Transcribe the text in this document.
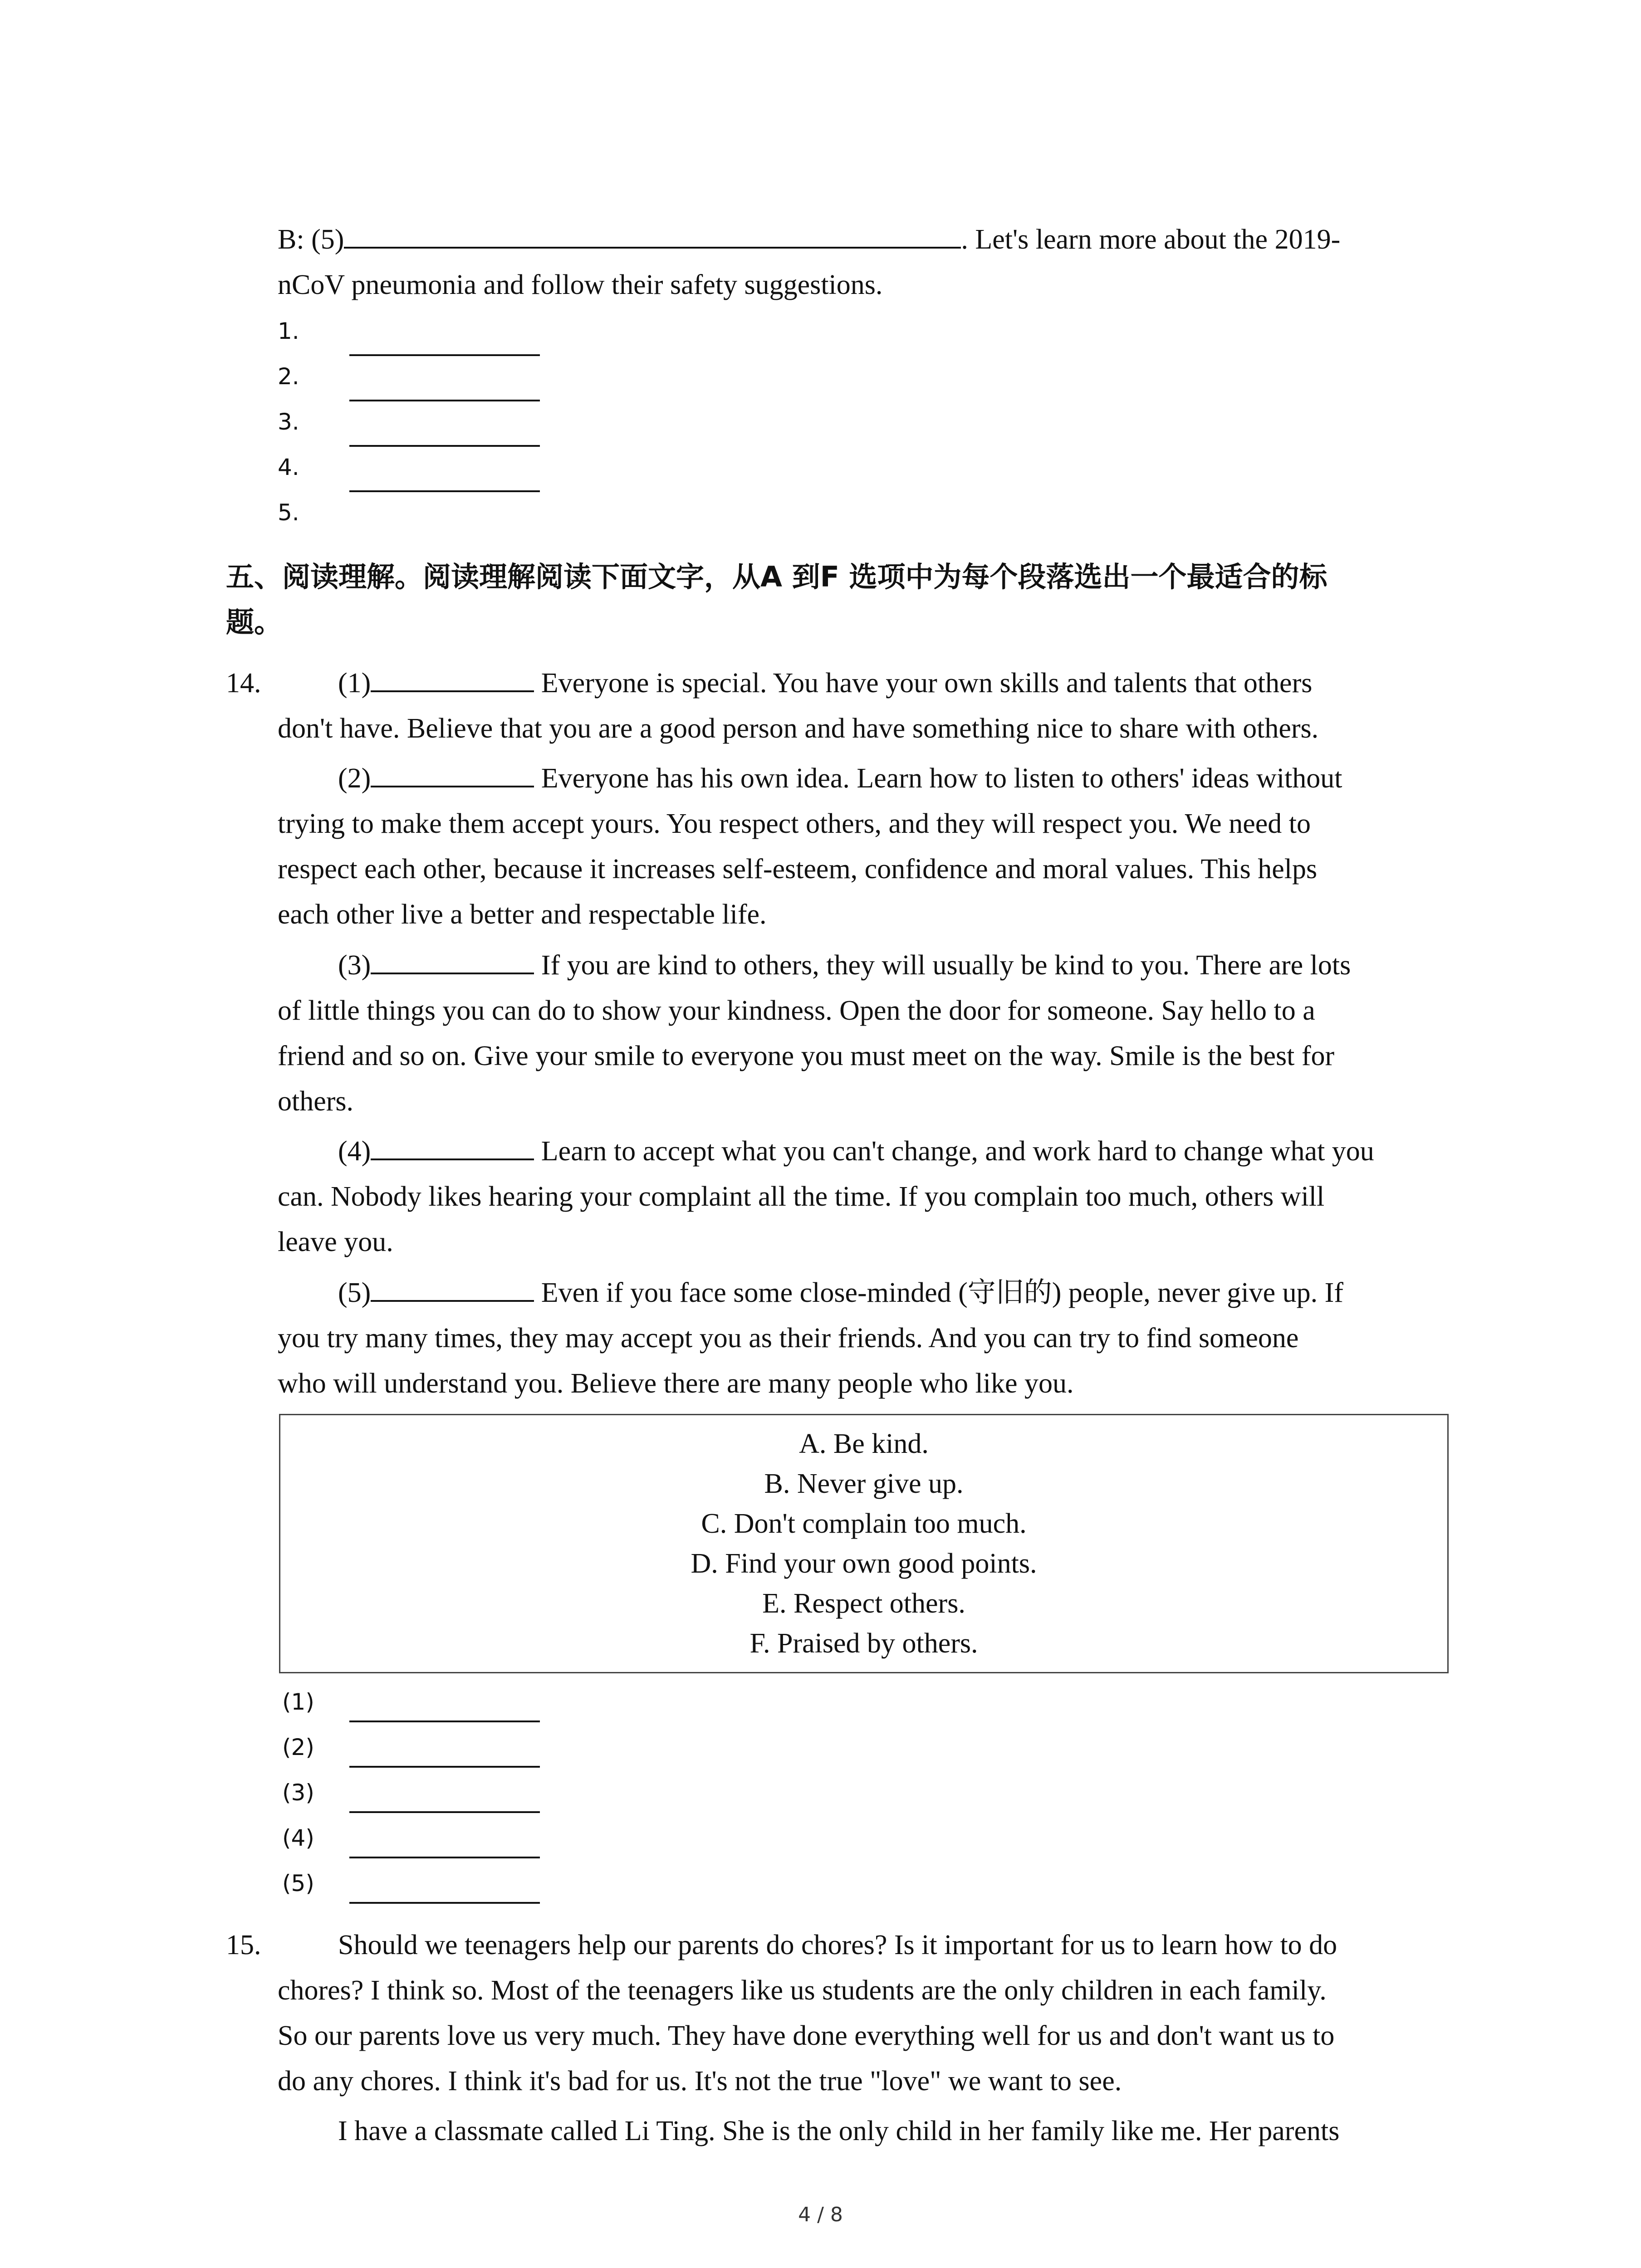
B: (5)	. Let's learn more about the 2019-
nCoV pneumonia and follow their safety suggestions.
1.
2.
3.
4.
5.
五、阅读理解。阅读理解阅读下面文字，从A 到F 选项中为每个段落选出一个最适合的标
题。
14.	(1)	Everyone is special. You have your own skills and talents that others
don't have. Believe that you are a good person and have something nice to share with others.
(2)	Everyone has his own idea. Learn how to listen to others' ideas without
trying to make them accept yours. You respect others, and they will respect you. We need to
respect each other, because it increases self-esteem, confidence and moral values. This helps
each other live a better and respectable life.
(3)	If you are kind to others, they will usually be kind to you. There are lots
of little things you can do to show your kindness. Open the door for someone. Say hello to a
friend and so on. Give your smile to everyone you must meet on the way. Smile is the best for
others.
(4)	Learn to accept what you can't change, and work hard to change what you
can. Nobody likes hearing your complaint all the time. If you complain too much, others will
leave you.
(5)	Even if you face some close-minded (守旧的) people, never give up. If
you try many times, they may accept you as their friends. And you can try to find someone
who will understand you. Believe there are many people who like you.
A. Be kind.
B. Never give up.
C. Don't complain too much.
D. Find your own good points.
E. Respect others.
F. Praised by others.
(1)
(2)
(3)
(4)
(5)
15.	Should we teenagers help our parents do chores? Is it important for us to learn how to do
chores? I think so. Most of the teenagers like us students are the only children in each family.
So our parents love us very much. They have done everything well for us and don't want us to
do any chores. I think it's bad for us. It's not the true "love" we want to see.
I have a classmate called Li Ting. She is the only child in her family like me. Her parents
4 / 8
